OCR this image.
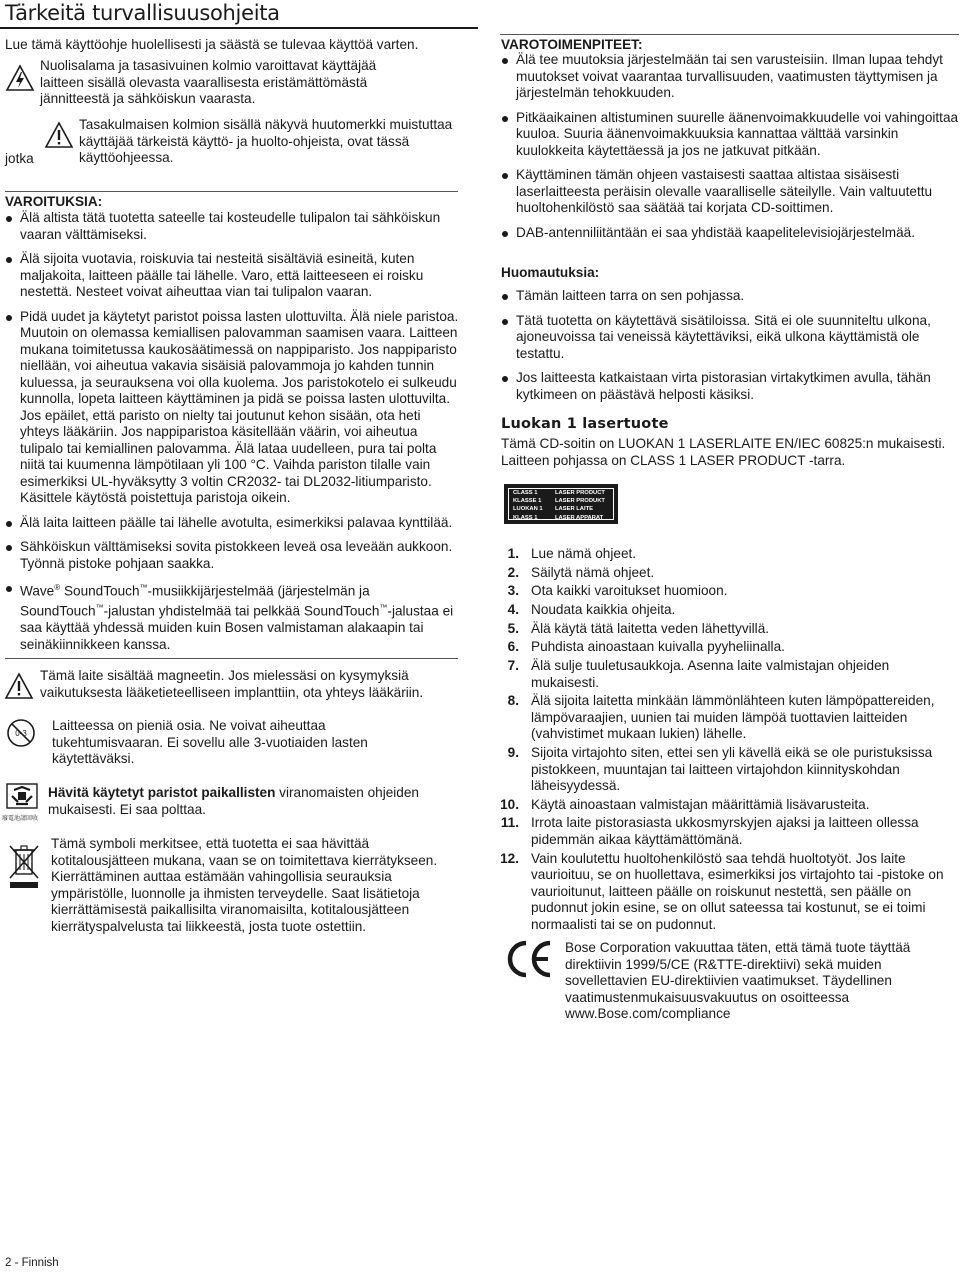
Tärkeitä turvallisuusohjeita
Lue tämä käyttöohje huolellisesti ja säästä se tulevaa käyttöä varten.
Nuolisalama ja tasasivuinen kolmio varoittavat käyttäjää laitteen sisällä olevasta vaarallisesta eristämättömästä jännitteestä ja sähköiskun vaarasta.
Tasakulmaisen kolmion sisällä näkyvä huutomerkki muistuttaa käyttäjää tärkeistä käyttö- ja huolto-ohjeista, ovat tässä käyttöohjeessa.
jotka
VAROITUKSIA:
Älä altista tätä tuotetta sateelle tai kosteudelle tulipalon tai sähköiskun vaaran välttämiseksi.
Älä sijoita vuotavia, roiskuvia tai nesteitä sisältäviä esineitä, kuten maljakoita, laitteen päälle tai lähelle. Varo, että laitteeseen ei roisku nestettä. Nesteet voivat aiheuttaa vian tai tulipalon vaaran.
Pidä uudet ja käytetyt paristot poissa lasten ulottuvilta. Älä niele paristoa. Muutoin on olemassa kemiallisen palovamman saamisen vaara. Laitteen mukana toimitetussa kaukosäätimessä on nappiparisto. Jos nappiparisto niellään, voi aiheutua vakavia sisäisiä palovammoja jo kahden tunnin kuluessa, ja seurauksena voi olla kuolema. Jos paristokotelo ei sulkeudu kunnolla, lopeta laitteen käyttäminen ja pidä se poissa lasten ulottuvilta. Jos epäilet, että paristo on nielty tai joutunut kehon sisään, ota heti yhteys lääkäriin. Jos nappiparistoa käsitellään väärin, voi aiheutua tulipalo tai kemiallinen palovamma. Älä lataa uudelleen, pura tai polta niitä tai kuumenna lämpötilaan yli 100 °C. Vaihda pariston tilalle vain esimerkiksi UL-hyväksytty 3 voltin CR2032- tai DL2032-litiumparisto. Käsittele käytöstä poistettuja paristoja oikein.
Älä laita laitteen päälle tai lähelle avotulta, esimerkiksi palavaa kynttilää.
Sähköiskun välttämiseksi sovita pistokkeen leveä osa leveään aukkoon. Työnnä pistoke pohjaan saakka.
Wave® SoundTouch™-musiikkijärjestelmää (järjestelmän ja SoundTouch™-jalustan yhdistelmää tai pelkkää SoundTouch™-jalustaa ei saa käyttää yhdessä muiden kuin Bosen valmistaman alakaapin tai seinäkiinnikkeen kanssa.
Tämä laite sisältää magneetin. Jos mielessäsi on kysymyksiä vaikutuksesta lääketieteelliseen implanttiin, ota yhteys lääkäriin.
0-3
Laitteessa on pieniä osia. Ne voivat aiheuttaa tukehtumisvaaran. Ei sovellu alle 3-vuotiaiden lasten käytettäväksi.
廢電池請回收
Hävitä käytetyt paristot paikallisten viranomaisten ohjeiden mukaisesti. Ei saa polttaa.
Tämä symboli merkitsee, että tuotetta ei saa hävittää kotitalousjätteen mukana, vaan se on toimitettava kierrätykseen. Kierrättäminen auttaa estämään vahingollisia seurauksia ympäristölle, luonnolle ja ihmisten terveydelle. Saat lisätietoja kierrättämisestä paikallisilta viranomaisilta, kotitalousjätteen kierrätyspalvelusta tai liikkeestä, josta tuote ostettiin.
VAROTOIMENPITEET:
Älä tee muutoksia järjestelmään tai sen varusteisiin. Ilman lupaa tehdyt muutokset voivat vaarantaa turvallisuuden, vaatimusten täyttymisen ja järjestelmän tehokkuuden.
Pitkäaikainen altistuminen suurelle äänenvoimakkuudelle voi vahingoittaa kuuloa. Suuria äänenvoimakkuuksia kannattaa välttää varsinkin kuulokkeita käytettäessä ja jos ne jatkuvat pitkään.
Käyttäminen tämän ohjeen vastaisesti saattaa altistaa sisäisesti laserlaitteesta peräisin olevalle vaaralliselle säteilylle. Vain valtuutettu huoltohenkilöstö saa säätää tai korjata CD-soittimen.
DAB-antenniliitäntään ei saa yhdistää kaapelitelevisiojärjestelmää.
Huomautuksia:
Tämän laitteen tarra on sen pohjassa.
Tätä tuotetta on käytettävä sisätiloissa. Sitä ei ole suunniteltu ulkona, ajoneuvoissa tai veneissä käytettäviksi, eikä ulkona käyttämistä ole testattu.
Jos laitteesta katkaistaan virta pistorasian virtakytkimen avulla, tähän kytkimeen on päästävä helposti käsiksi.
Luokan 1 lasertuote
Tämä CD-soitin on LUOKAN 1 LASERLAITE EN/IEC 60825:n mukaisesti. Laitteen pohjassa on CLASS 1 LASER PRODUCT -tarra.
CLASS 1
KLASSE 1
LUOKAN 1
KLASS 1
LASER PRODUCT
LASER PRODUKT
LASER LAITE
LASER APPARAT
1. Lue nämä ohjeet.
2. Säilytä nämä ohjeet.
3. Ota kaikki varoitukset huomioon.
4. Noudata kaikkia ohjeita.
5. Älä käytä tätä laitetta veden lähettyvillä.
6. Puhdista ainoastaan kuivalla pyyheliinalla.
7. Älä sulje tuuletusaukkoja. Asenna laite valmistajan ohjeiden mukaisesti.
8. Älä sijoita laitetta minkään lämmönlähteen kuten lämpöpattereiden, lämpövaraajien, uunien tai muiden lämpöä tuottavien laitteiden (vahvistimet mukaan lukien) lähelle.
9. Sijoita virtajohto siten, ettei sen yli kävellä eikä se ole puristuksissa pistokkeen, muuntajan tai laitteen virtajohdon kiinnityskohdan läheisyydessä.
10. Käytä ainoastaan valmistajan määrittämiä lisävarusteita.
11. Irrota laite pistorasiasta ukkosmyrskyjen ajaksi ja laitteen ollessa pidemmän aikaa käyttämättömänä.
12. Vain koulutettu huoltohenkilöstö saa tehdä huoltotyöt. Jos laite vaurioituu, se on huollettava, esimerkiksi jos virtajohto tai -pistoke on vaurioitunut, laitteen päälle on roiskunut nestettä, sen päälle on pudonnut jokin esine, se on ollut sateessa tai kostunut, se ei toimi normaalisti tai se on pudonnut.
Bose Corporation vakuuttaa täten, että tämä tuote täyttää direktiivin 1999/5/CE (R&TTE-direktiivi) sekä muiden sovellettavien EU-direktiivien vaatimukset. Täydellinen vaatimustenmukaisuusvakuutus on osoitteessa www.Bose.com/compliance
2 - Finnish
